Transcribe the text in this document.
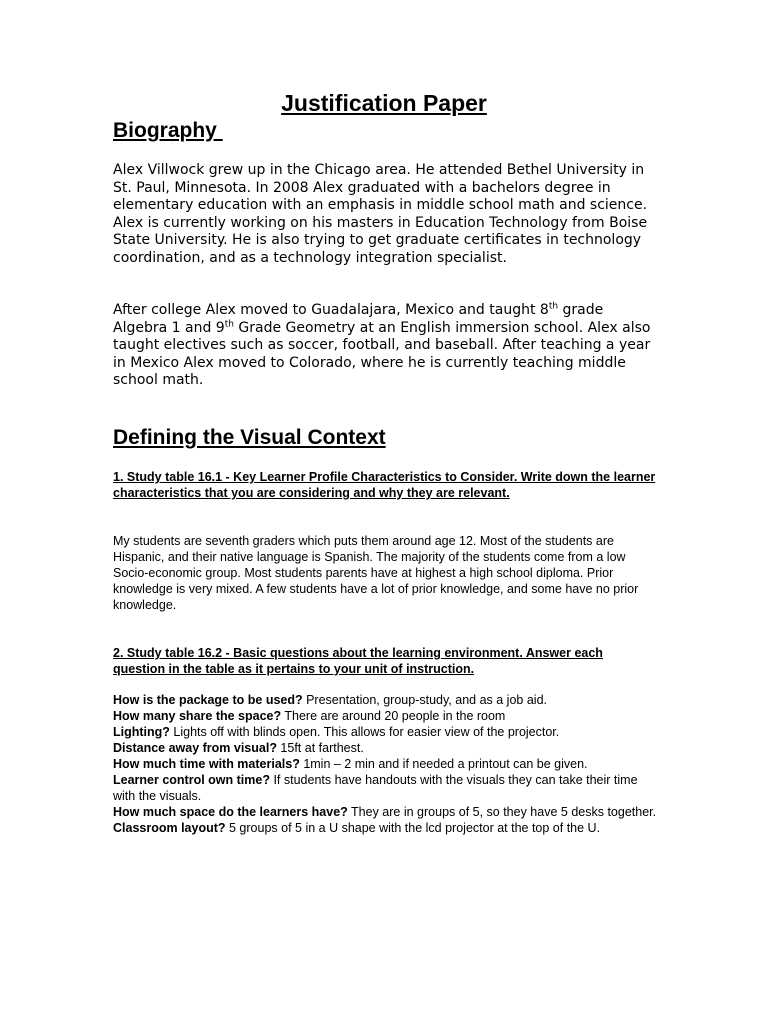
Justification Paper
Biography

Alex Villwock grew up in the Chicago area. He attended Bethel University in St. Paul, Minnesota. In 2008 Alex graduated with a bachelors degree in elementary education with an emphasis in middle school math and science. Alex is currently working on his masters in Education Technology from Boise State University. He is also trying to get graduate certificates in technology coordination, and as a technology integration specialist.

After college Alex moved to Guadalajara, Mexico and taught 8th grade Algebra 1 and 9th Grade Geometry at an English immersion school. Alex also taught electives such as soccer, football, and baseball. After teaching a year in Mexico Alex moved to Colorado, where he is currently teaching middle school math.

Defining the Visual Context
1. Study table 16.1 - Key Learner Profile Characteristics to Consider. Write down the learner
characteristics that you are considering and why they are relevant.
My students are seventh graders which puts them around age 12. Most of the students are Hispanic, and their native language is Spanish. The majority of the students come from a low Socio-economic group. Most students parents have at highest a high school diploma. Prior knowledge is very mixed. A few students have a lot of prior knowledge, and some have no prior knowledge.
2. Study table 16.2 - Basic questions about the learning environment. Answer each question in the table as it pertains to your unit of instruction.
How is the package to be used? Presentation, group-study, and as a job aid.
How many share the space? There are around 20 people in the room
Lighting? Lights off with blinds open. This allows for easier view of the projector.
Distance away from visual? 15ft at farthest.
How much time with materials? 1min – 2 min and if needed a printout can be given.
Learner control own time? If students have handouts with the visuals they can take their time with the visuals.
How much space do the learners have? They are in groups of 5, so they have 5 desks together.
Classroom layout? 5 groups of 5 in a U shape with the lcd projector at the top of the U.
